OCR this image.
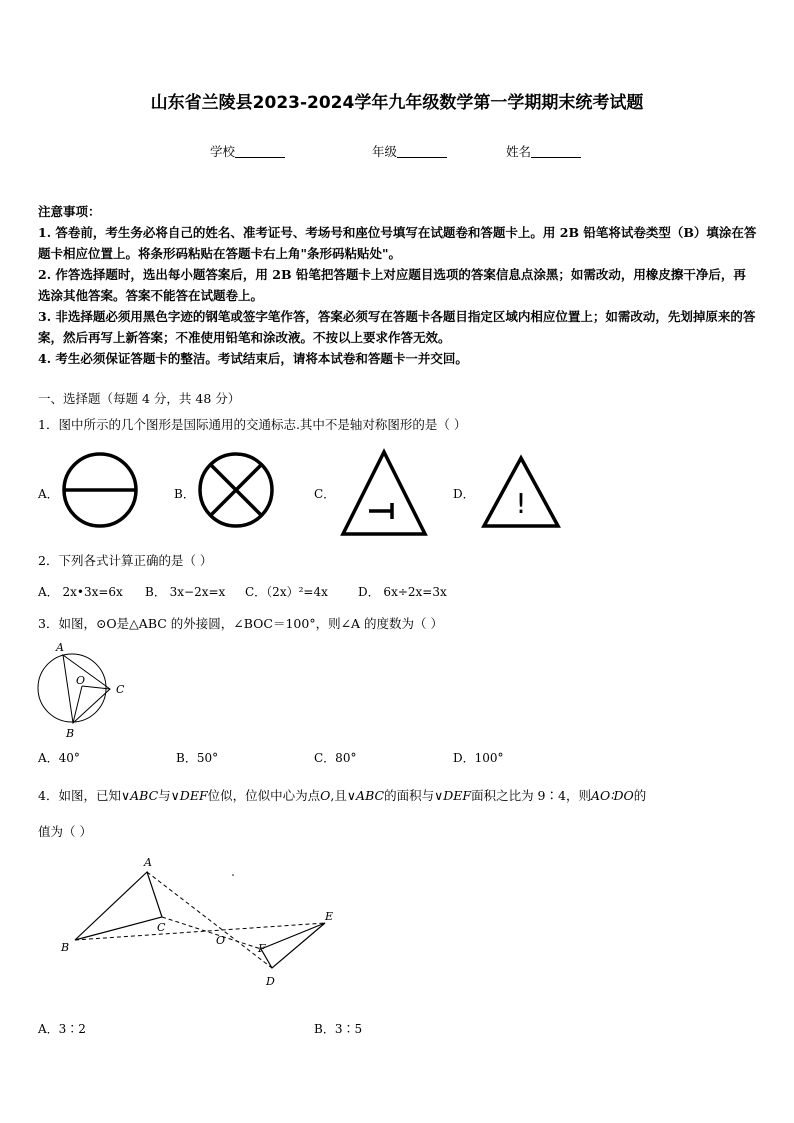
山东省兰陵县2023-2024学年九年级数学第一学期期末统考试题
学校	年级	姓名

注意事项：

1. 答卷前，考生务必将自己的姓名、准考证号、考场号和座位号填写在试题卷和答题卡上。用 2B 铅笔将试卷类型（B）填涂在答题卡相应位置上。将条形码粘贴在答题卡右上角"条形码粘贴处"。

2. 作答选择题时，选出每小题答案后，用 2B 铅笔把答题卡上对应题目选项的答案信息点涂黑；如需改动，用橡皮擦干净后，再选涂其他答案。答案不能答在试题卷上。

3. 非选择题必须用黑色字迹的钢笔或签字笔作答，答案必须写在答题卡各题目指定区域内相应位置上；如需改动，先划掉原来的答案，然后再写上新答案；不准使用铅笔和涂改液。不按以上要求作答无效。

4. 考生必须保证答题卡的整洁。考试结束后，请将本试卷和答题卡一并交回。

一、选择题（每题 4 分，共 48 分）
1．图中所示的几个图形是国际通用的交通标志.其中不是轴对称图形的是（ ）
A．	B．	C．	D． !
2．下列各式计算正确的是（ ）
A． 2x•3x=6x B． 3x−2x=x C．（2x）²=4x	D． 6x÷2x=3x
3．如图，⊙O是△ABC 的外接圆，∠BOC＝100°，则∠A 的度数为（ ）
A
O
C
B
A．40°	B．50°	C．80°	D．100°
4．如图，已知∨ABC与∨DEF位似，位似中心为点O,且∨ABC的面积与∨DEF面积之比为 9∶4，则AO∶DO的
值为（ ）
A
B
C
O
E
F
D
A．3∶2	B．3∶5
